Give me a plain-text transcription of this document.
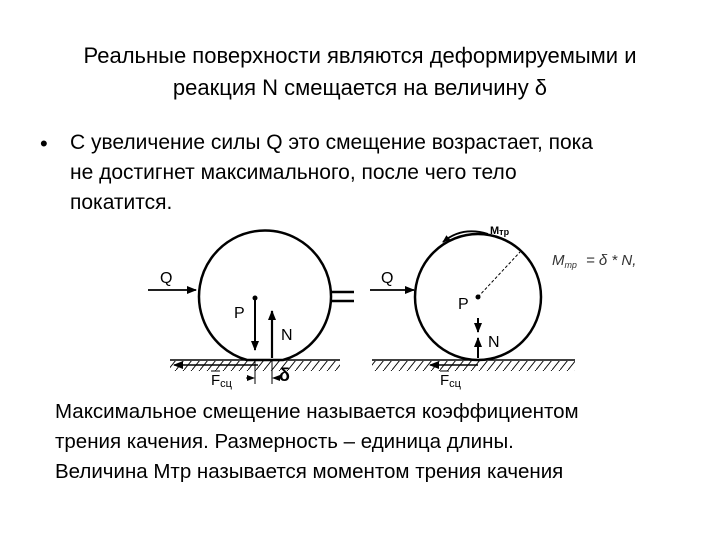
Реальные поверхности являются деформируемыми и
реакция N смещается на величину δ
• С увеличение силы Q это смещение возрастает, пока
не достигнет максимального, после чего тело
покатится.
Q
P
N
δ
Fсц
Q
P
N
Fсц
Mтр
$M_{тр} = \delta * N$,
Максимальное смещение называется коэффициентом
трения качения. Размерность – единица длины.
Величина Мтр называется моментом трения качения
